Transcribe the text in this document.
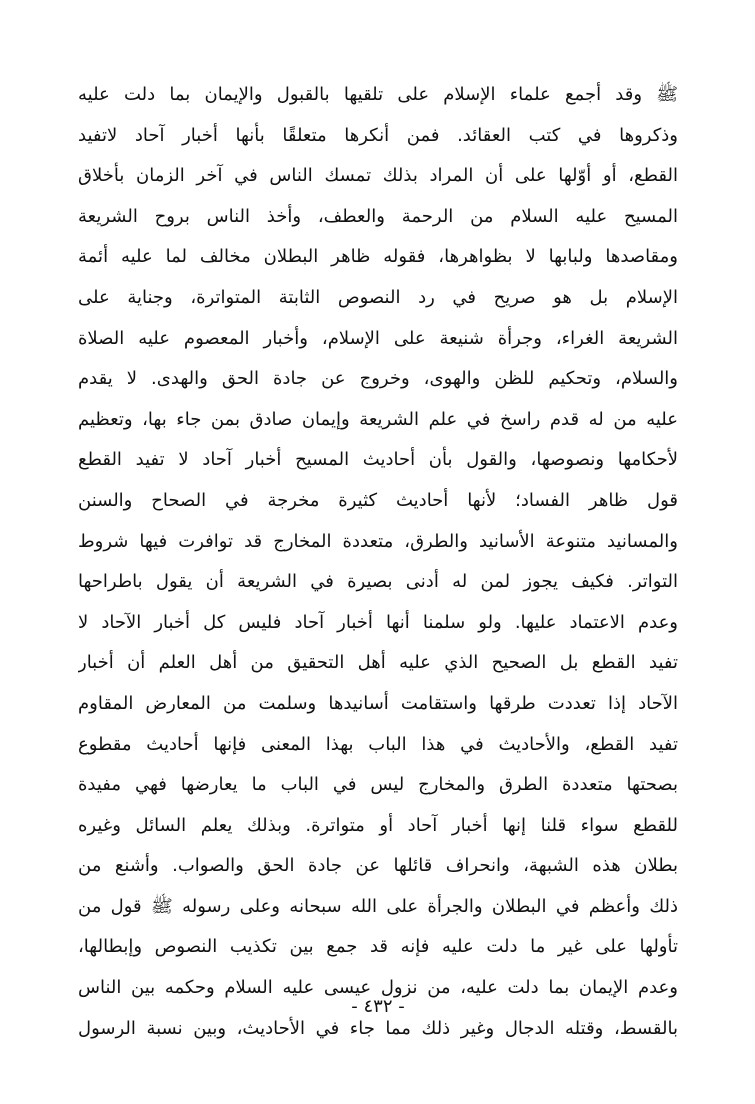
ﷺ وقد أجمع علماء الإسلام على تلقيها بالقبول والإيمان بما دلت عليه
وذكروها في كتب العقائد. فمن أنكرها متعلقًا بأنها أخبار آحاد لاتفيد
القطع، أو أوّلها على أن المراد بذلك تمسك الناس في آخر الزمان بأخلاق
المسيح عليه السلام من الرحمة والعطف، وأخذ الناس بروح الشريعة
ومقاصدها ولبابها لا بظواهرها، فقوله ظاهر البطلان مخالف لما عليه أئمة
الإسلام بل هو صريح في رد النصوص الثابتة المتواترة، وجناية على
الشريعة الغراء، وجرأة شنيعة على الإسلام، وأخبار المعصوم عليه الصلاة
والسلام، وتحكيم للظن والهوى، وخروج عن جادة الحق والهدى. لا يقدم
عليه من له قدم راسخ في علم الشريعة وإيمان صادق بمن جاء بها، وتعظيم
لأحكامها ونصوصها، والقول بأن أحاديث المسيح أخبار آحاد لا تفيد القطع
قول ظاهر الفساد؛ لأنها أحاديث كثيرة مخرجة في الصحاح والسنن
والمسانيد متنوعة الأسانيد والطرق، متعددة المخارج قد توافرت فيها شروط
التواتر. فكيف يجوز لمن له أدنى بصيرة في الشريعة أن يقول باطراحها
وعدم الاعتماد عليها. ولو سلمنا أنها أخبار آحاد فليس كل أخبار الآحاد لا
تفيد القطع بل الصحيح الذي عليه أهل التحقيق من أهل العلم أن أخبار
الآحاد إذا تعددت طرقها واستقامت أسانيدها وسلمت من المعارض المقاوم
تفيد القطع، والأحاديث في هذا الباب بهذا المعنى فإنها أحاديث مقطوع
بصحتها متعددة الطرق والمخارج ليس في الباب ما يعارضها فهي مفيدة
للقطع سواء قلنا إنها أخبار آحاد أو متواترة. وبذلك يعلم السائل وغيره
بطلان هذه الشبهة، وانحراف قائلها عن جادة الحق والصواب. وأشنع من
ذلك وأعظم في البطلان والجرأة على الله سبحانه وعلى رسوله ﷺ قول من
تأولها على غير ما دلت عليه فإنه قد جمع بين تكذيب النصوص وإبطالها،
وعدم الإيمان بما دلت عليه، من نزول عيسى عليه السلام وحكمه بين الناس
بالقسط، وقتله الدجال وغير ذلك مما جاء في الأحاديث، وبين نسبة الرسول
- ٤٣٢ -
